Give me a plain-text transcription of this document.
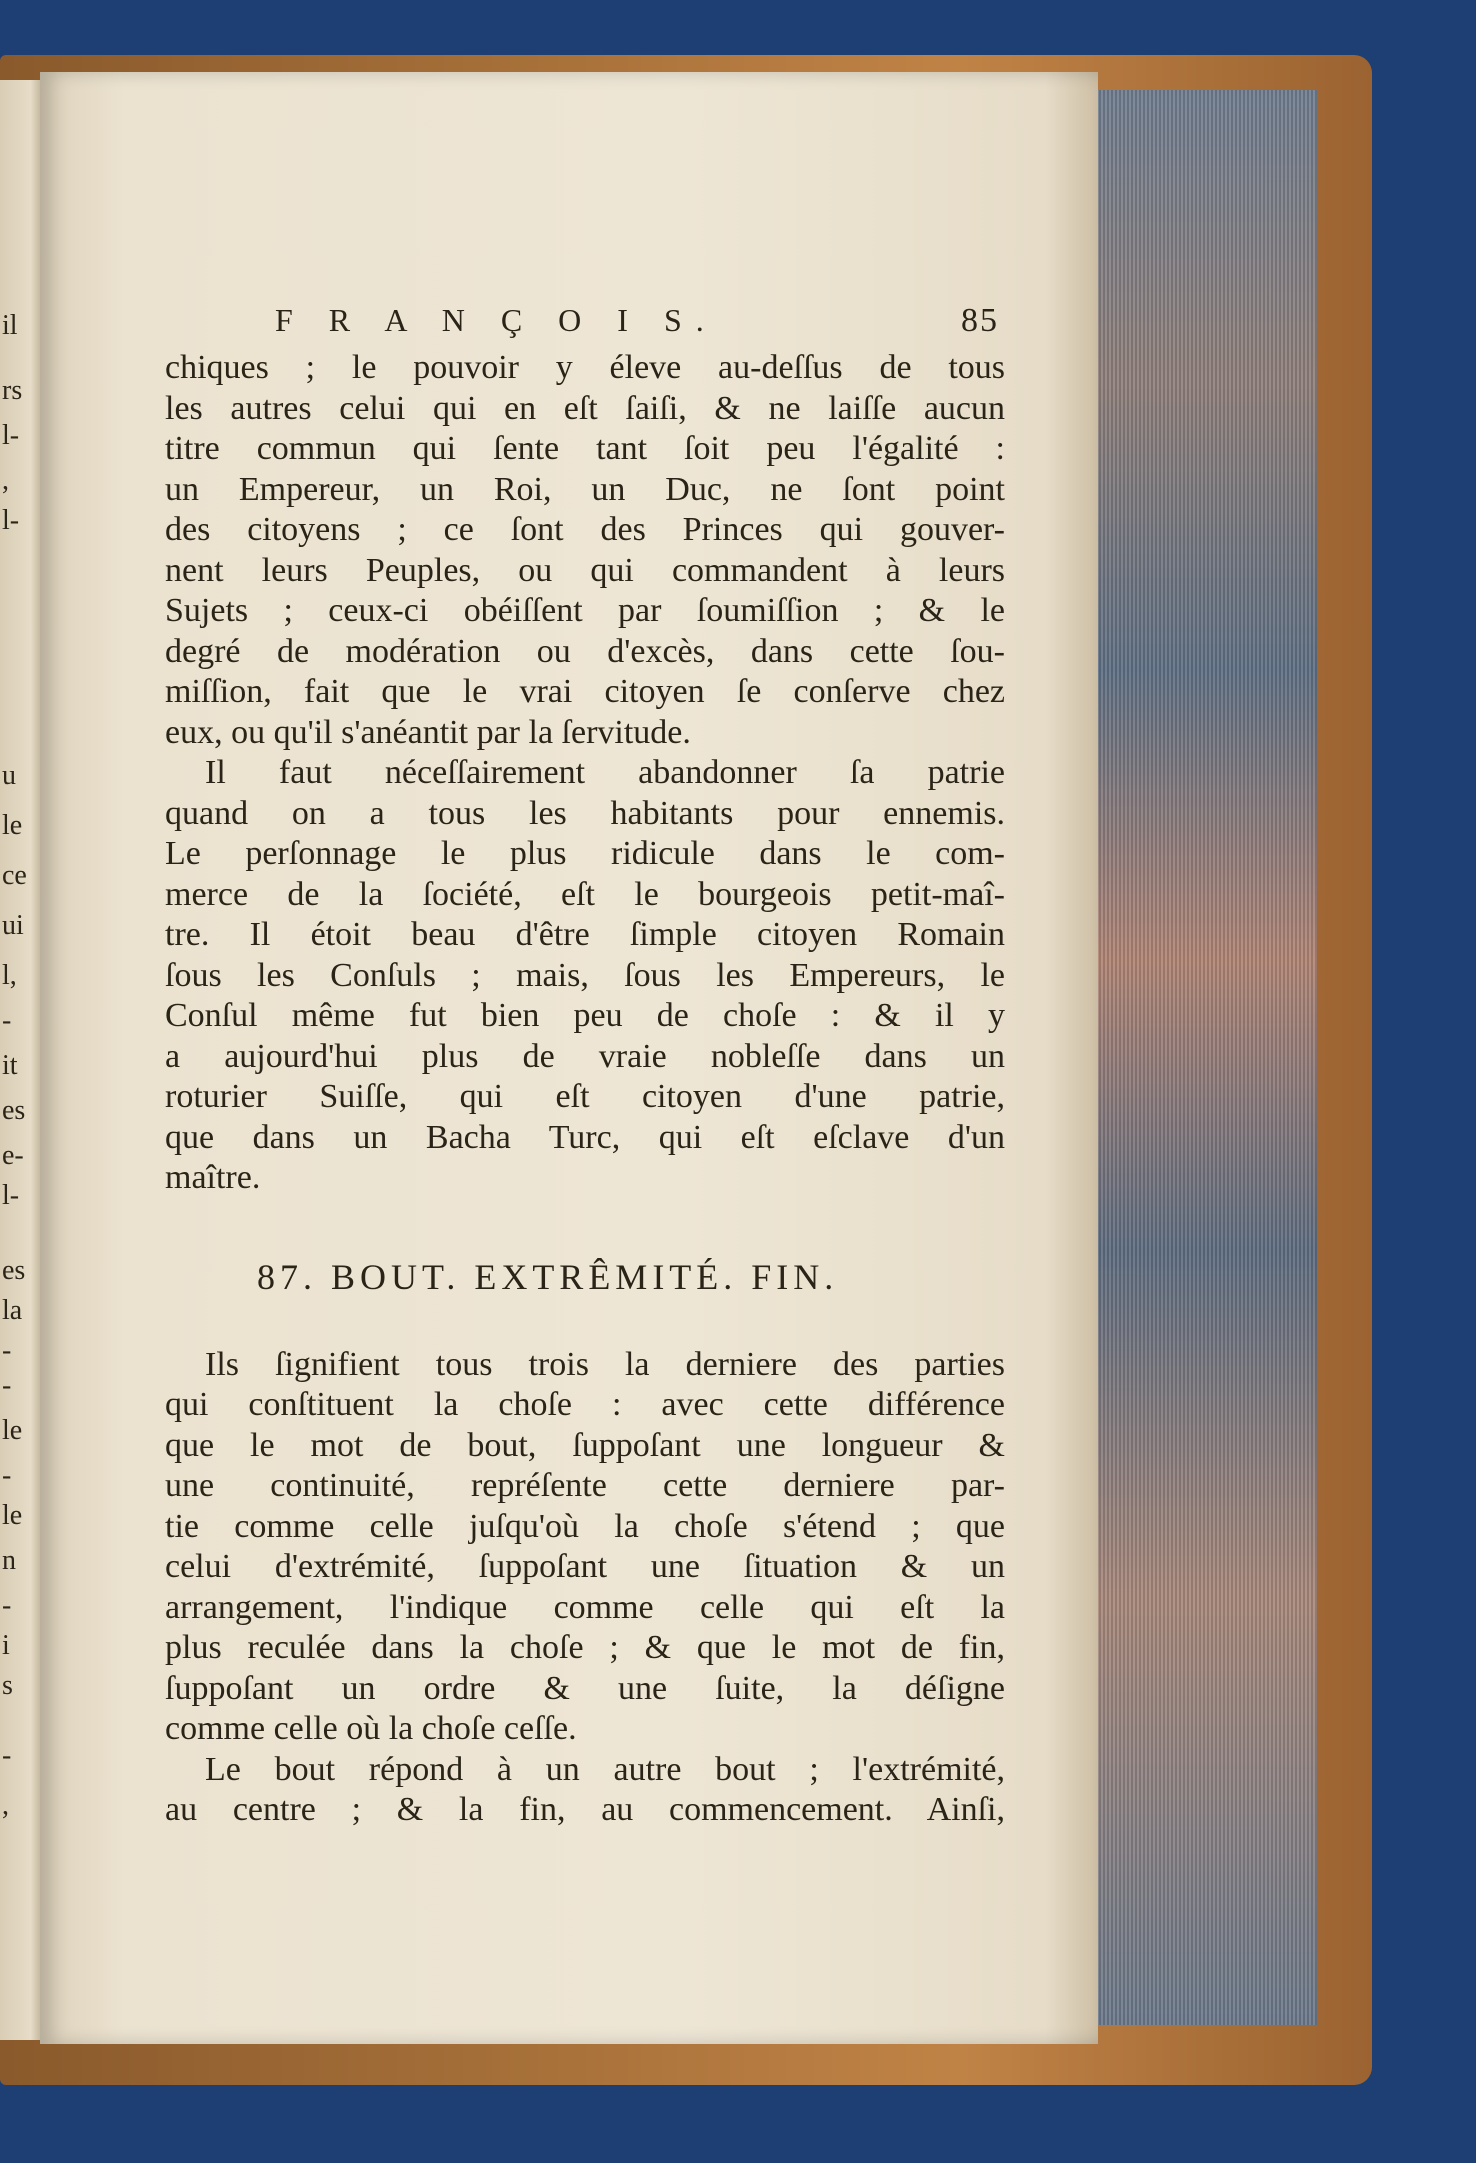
il
rs
l-
,
l-
u
le
ce
ui
l,
-
it
es
e-
l-
es
la
-
-
le
-
le
n
-
i
s
-
,
F R A N Ç O I S.	85
chiques ; le pouvoir y éleve au-deſſus de tous
les autres celui qui en eſt ſaiſi, & ne laiſſe aucun
titre commun qui ſente tant ſoit peu l'égalité :
un Empereur, un Roi, un Duc, ne ſont point
des citoyens ; ce ſont des Princes qui gouver-
nent leurs Peuples, ou qui commandent à leurs
Sujets ; ceux-ci obéiſſent par ſoumiſſion ; & le
degré de modération ou d'excès, dans cette ſou-
miſſion, fait que le vrai citoyen ſe conſerve chez
eux, ou qu'il s'anéantit par la ſervitude.
Il faut néceſſairement abandonner ſa patrie
quand on a tous les habitants pour ennemis.
Le perſonnage le plus ridicule dans le com-
merce de la ſociété, eſt le bourgeois petit-maî-
tre. Il étoit beau d'être ſimple citoyen Romain
ſous les Conſuls ; mais, ſous les Empereurs, le
Conſul même fut bien peu de choſe : & il y
a aujourd'hui plus de vraie nobleſſe dans un
roturier Suiſſe, qui eſt citoyen d'une patrie,
que dans un Bacha Turc, qui eſt eſclave d'un
maître.
87. BOUT. EXTRÊMITÉ. FIN.
Ils ſignifient tous trois la derniere des parties
qui conſtituent la choſe : avec cette différence
que le mot de bout, ſuppoſant une longueur &
une continuité, repréſente cette derniere par-
tie comme celle juſqu'où la choſe s'étend ; que
celui d'extrémité, ſuppoſant une ſituation & un
arrangement, l'indique comme celle qui eſt la
plus reculée dans la choſe ; & que le mot de fin,
ſuppoſant un ordre & une ſuite, la déſigne
comme celle où la choſe ceſſe.
Le bout répond à un autre bout ; l'extrémité,
au centre ; & la fin, au commencement. Ainſi,
